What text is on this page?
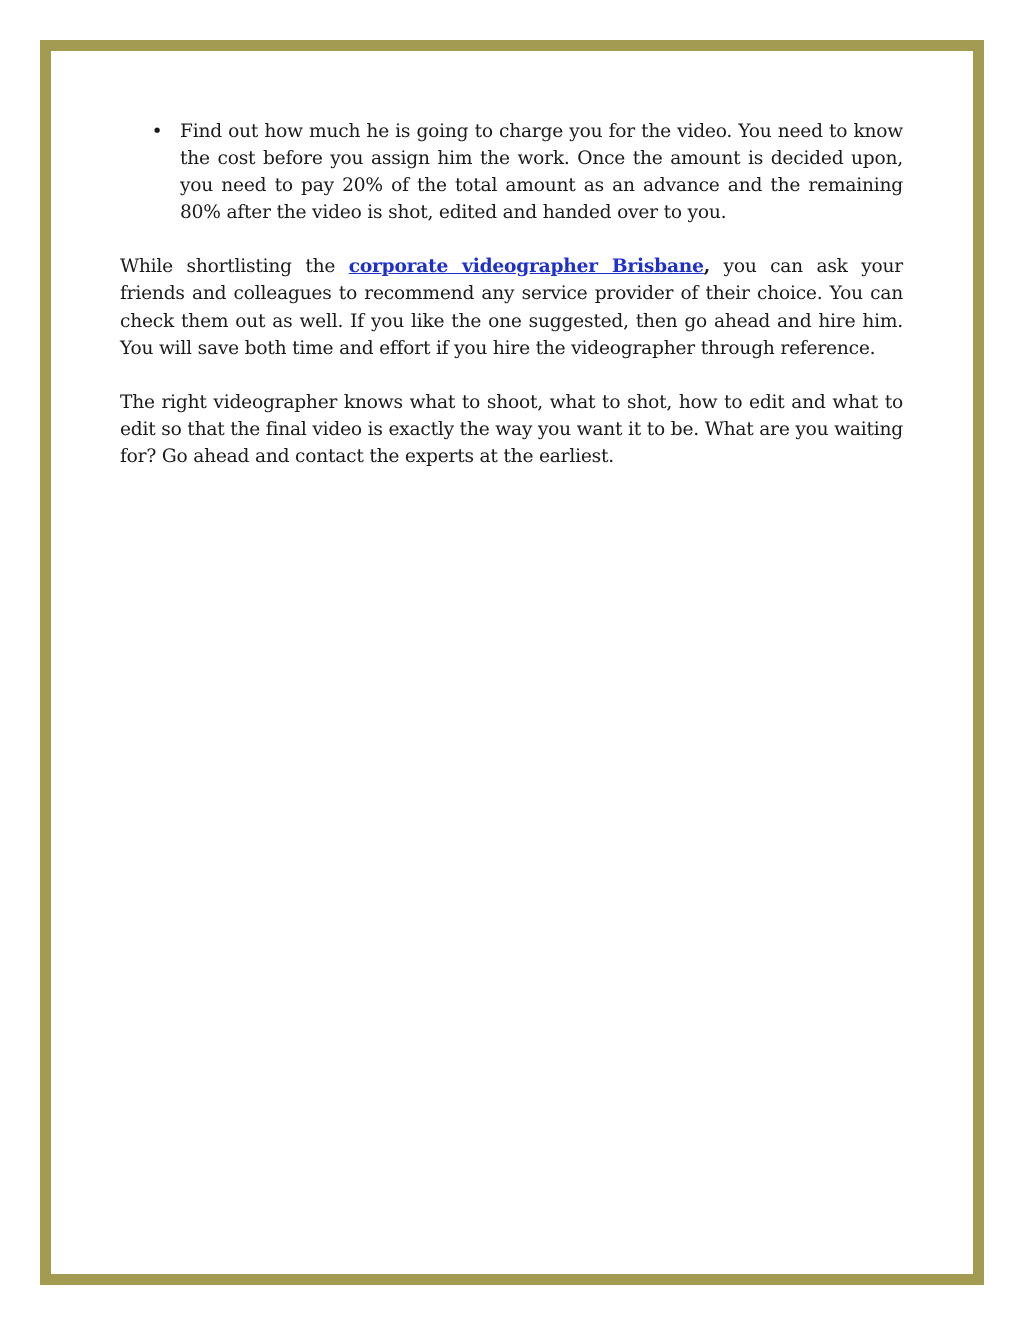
• Find out how much he is going to charge you for the video. You need to know the cost before you assign him the work. Once the amount is decided upon, you need to pay 20% of the total amount as an advance and the remaining 80% after the video is shot, edited and handed over to you.

While shortlisting the corporate videographer Brisbane, you can ask your friends and colleagues to recommend any service provider of their choice. You can check them out as well. If you like the one suggested, then go ahead and hire him. You will save both time and effort if you hire the videographer through reference.

The right videographer knows what to shoot, what to shot, how to edit and what to edit so that the final video is exactly the way you want it to be. What are you waiting for? Go ahead and contact the experts at the earliest.
